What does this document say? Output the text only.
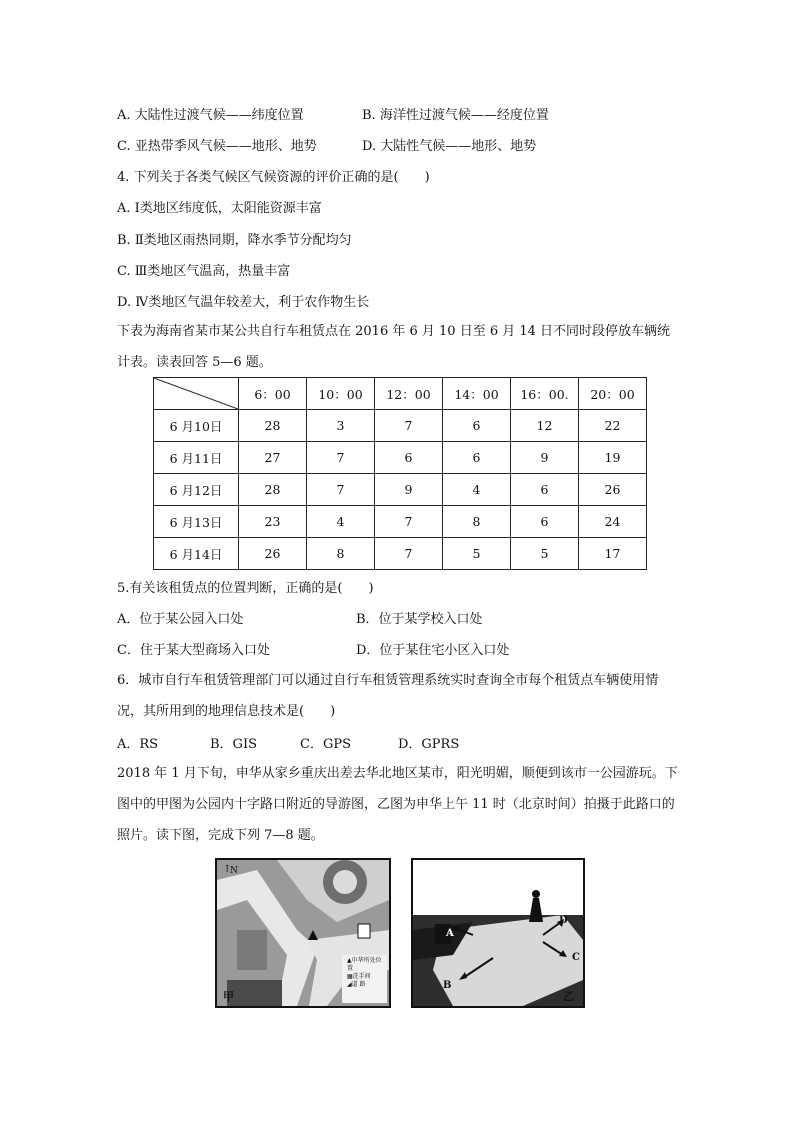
A. 大陆性过渡气候——纬度位置	B. 海洋性过渡气候——经度位置
C. 亚热带季风气候——地形、地势	D. 大陆性气候——地形、地势
4. 下列关于各类气候区气候资源的评价正确的是(　　)
A. Ⅰ类地区纬度低，太阳能资源丰富
B. Ⅱ类地区雨热同期，降水季节分配均匀
C. Ⅲ类地区气温高，热量丰富
D. Ⅳ类地区气温年较差大，利于农作物生长
下表为海南省某市某公共自行车租赁点在 2016 年 6 月 10 日至 6 月 14 日不同时段停放车辆统计表。读表回答 5—6 题。
	6：00	10：00	12：00	14：00	16：00.	20：00
6 月10日	28	3	7	6	12	22
6 月11日	27	7	6	6	9	19
6 月12日	28	7	9	4	6	26
6 月13日	23	4	7	8	6	24
6 月14日	26	8	7	5	5	17
5.有关该租赁点的位置判断，正确的是(　　)
A．位于某公园入口处	B．位于某学校入口处
C．住于某大型商场入口处	D．位于某住宅小区入口处
6．城市自行车租赁管理部门可以通过自行车租赁管理系统实时查询全市每个租赁点车辆使用情况，其所用到的地理信息技术是(　　)
A．RS	B．GIS	C．GPS	D．GPRS
2018 年 1 月下旬，申华从家乡重庆出差去华北地区某市，阳光明媚，顺便到该市一公园游玩。下图中的甲图为公园内十字路口附近的导游图，乙图为申华上午 11 时（北京时间）拍摄于此路口的照片。读下图，完成下列 7—8 题。
↑
N
甲
▲申华所处位置
▦洗手间
◢道 路
A
B
C
D
乙
